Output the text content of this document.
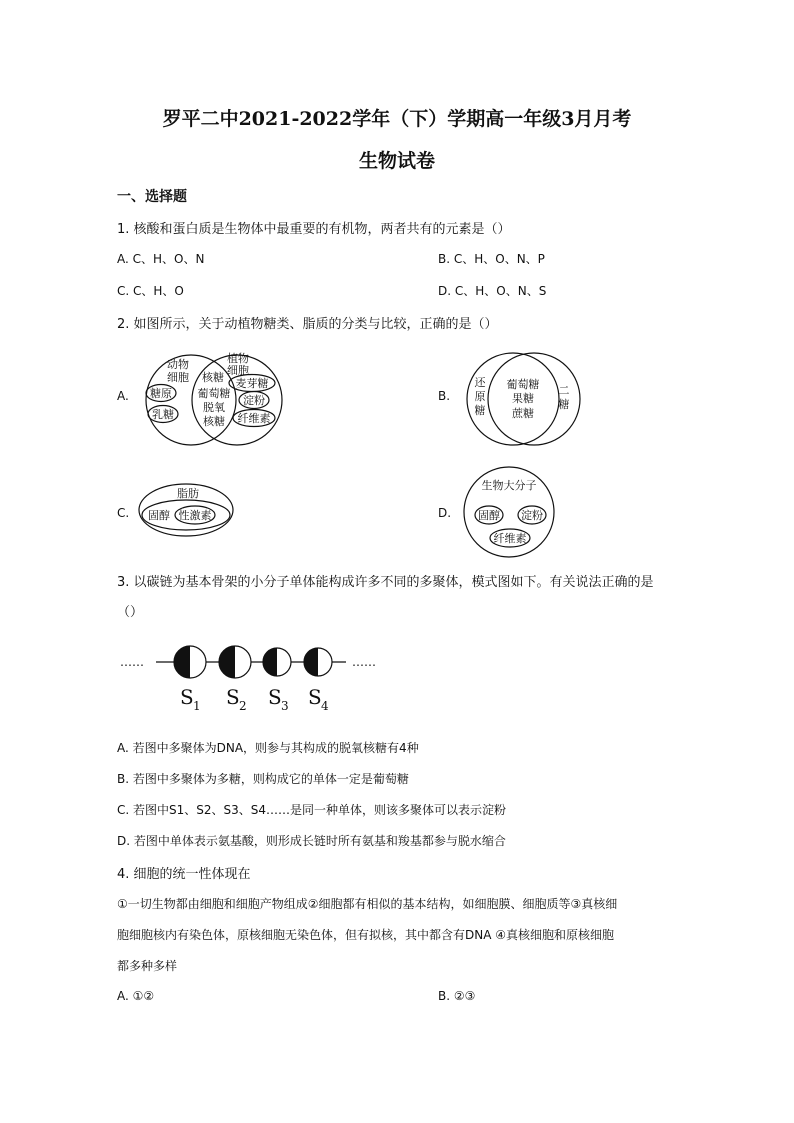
罗平二中2021-2022学年（下）学期高一年级3月月考
生物试卷
一、选择题
1. 核酸和蛋白质是生物体中最重要的有机物，两者共有的元素是（）
A. C、H、O、N	B. C、H、O、N、P
C. C、H、O	D. C、H、O、N、S
2. 如图所示，关于动植物糖类、脂质的分类与比较，正确的是（）
A.	B.
C.	D.
动物
细胞
植物
细胞
糖原
乳糖
核糖
葡萄糖
脱氧
核糖
麦芽糖
淀粉
纤维素
还
原
糖
葡萄糖
果糖
蔗糖
二
糖
脂肪
固醇 性激素
生物大分子
固醇 淀粉
纤维素
3. 以碳链为基本骨架的小分子单体能构成许多不同的多聚体，模式图如下。有关说法正确的是
（）
……	……
S 1 S 2 S 3 S 4
A. 若图中多聚体为DNA，则参与其构成的脱氧核糖有4种
B. 若图中多聚体为多糖，则构成它的单体一定是葡萄糖
C. 若图中S1、S2、S3、S4……是同一种单体，则该多聚体可以表示淀粉
D. 若图中单体表示氨基酸，则形成长链时所有氨基和羧基都参与脱水缩合
4. 细胞的统一性体现在
①一切生物都由细胞和细胞产物组成②细胞都有相似的基本结构，如细胞膜、细胞质等③真核细
胞细胞核内有染色体，原核细胞无染色体，但有拟核，其中都含有DNA ④真核细胞和原核细胞
都多种多样
A. ①②	B. ②③
